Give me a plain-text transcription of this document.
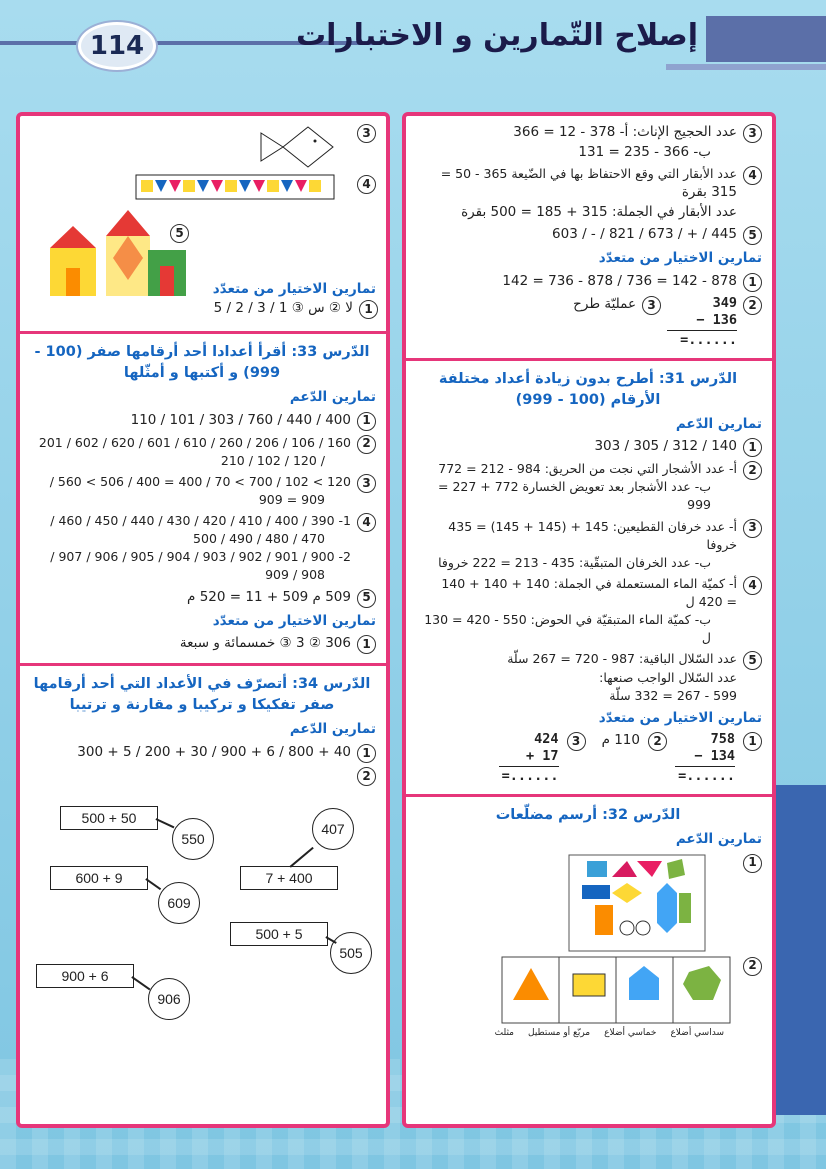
114	إصلاح التّمارين و الاختبارات
3
عدد الحجيج الإناث: أ- 378 - 12 = 366
ب- 366 - 235 = 131
4
عدد الأبقار التي وقع الاحتفاظ بها في الضّيعة 365 - 50 =
315 بقرة
عدد الأبقار في الجملة: 315 + 185 = 500 بقرة
5
445 / + / 673 / 821 / - / 603
تمارين الاختيار من متعدّد
1
878 - 142 = 736 / 878 - 736 = 142
2
349
− 136
=......
3
عمليّة طرح
الدّرس 31: أطرح بدون زيادة أعداد مختلفة الأرقام (100 - 999)
تمارين الدّعم
1
140 / 312 / 305 / 303
2
أ- عدد الأشجار التي نجت من الحريق: 984 - 212 = 772
ب- عدد الأشجار بعد تعويض الخسارة 772 + 227 = 999
3
أ- عدد خرفان القطيعين: 145 + (145 + 145) = 435 خروفا
ب- عدد الخرفان المتبقّية: 435 - 213 = 222 خروفا
4
أ- كميّة الماء المستعملة في الجملة: 140 + 140 + 140
= 420 ل
ب- كميّة الماء المتبقيّة في الحوض: 550 - 420 = 130 ل
5
عدد السّلال الباقية: 987 - 720 = 267 سلّة
عدد السّلال الواجب صنعها:
599 - 267 = 332 سلّة
تمارين الاختيار من متعدّد
1
758
− 134
=......
2
110 م
3
424
+ 17
=......
الدّرس 32: أرسم مضلّعات
تمارين الدّعم
1
2
سداسي أضلاع
خماسي أضلاع
مربّع أو مستطيل
مثلث
3
4
5
تمارين الاختيار من متعدّد
1
لا ② س ③ 1 / 3 / 2 / 5
الدّرس 33: أقرأ أعدادا أحد أرقامها صفر (100 - 999) و أكتبها و أمثّلها
تمارين الدّعم
1
400 / 440 / 760 / 303 / 101 / 110
2
160 / 106 / 206 / 260 / 610 / 601 / 620 / 602 / 201
/ 120 / 102 / 210
3
120 > 102 / 700 > 70 / 400 = 400 / 506 > 560 /
909 = 909
4
1- 390 / 400 / 410 / 420 / 430 / 440 / 450 / 460 /
470 / 480 / 490 / 500
2- 900 / 901 / 902 / 903 / 904 / 905 / 906 / 907 /
908 / 909
5
509 م 509 + 11 = 520 م
تمارين الاختيار من متعدّد
1
306 ② 3 ③ خمسمائة و سبعة
الدّرس 34: أتصرّف في الأعداد التي أحد أرقامها صفر تفكيكا و تركيبا و مقارنة و ترتيبا
تمارين الدّعم
1
40 + 800 / 6 + 900 / 30 + 200 / 5 + 300
2
500 + 50
550
407
7 + 400
600 + 9
609
500 + 5
505
900 + 6
906
